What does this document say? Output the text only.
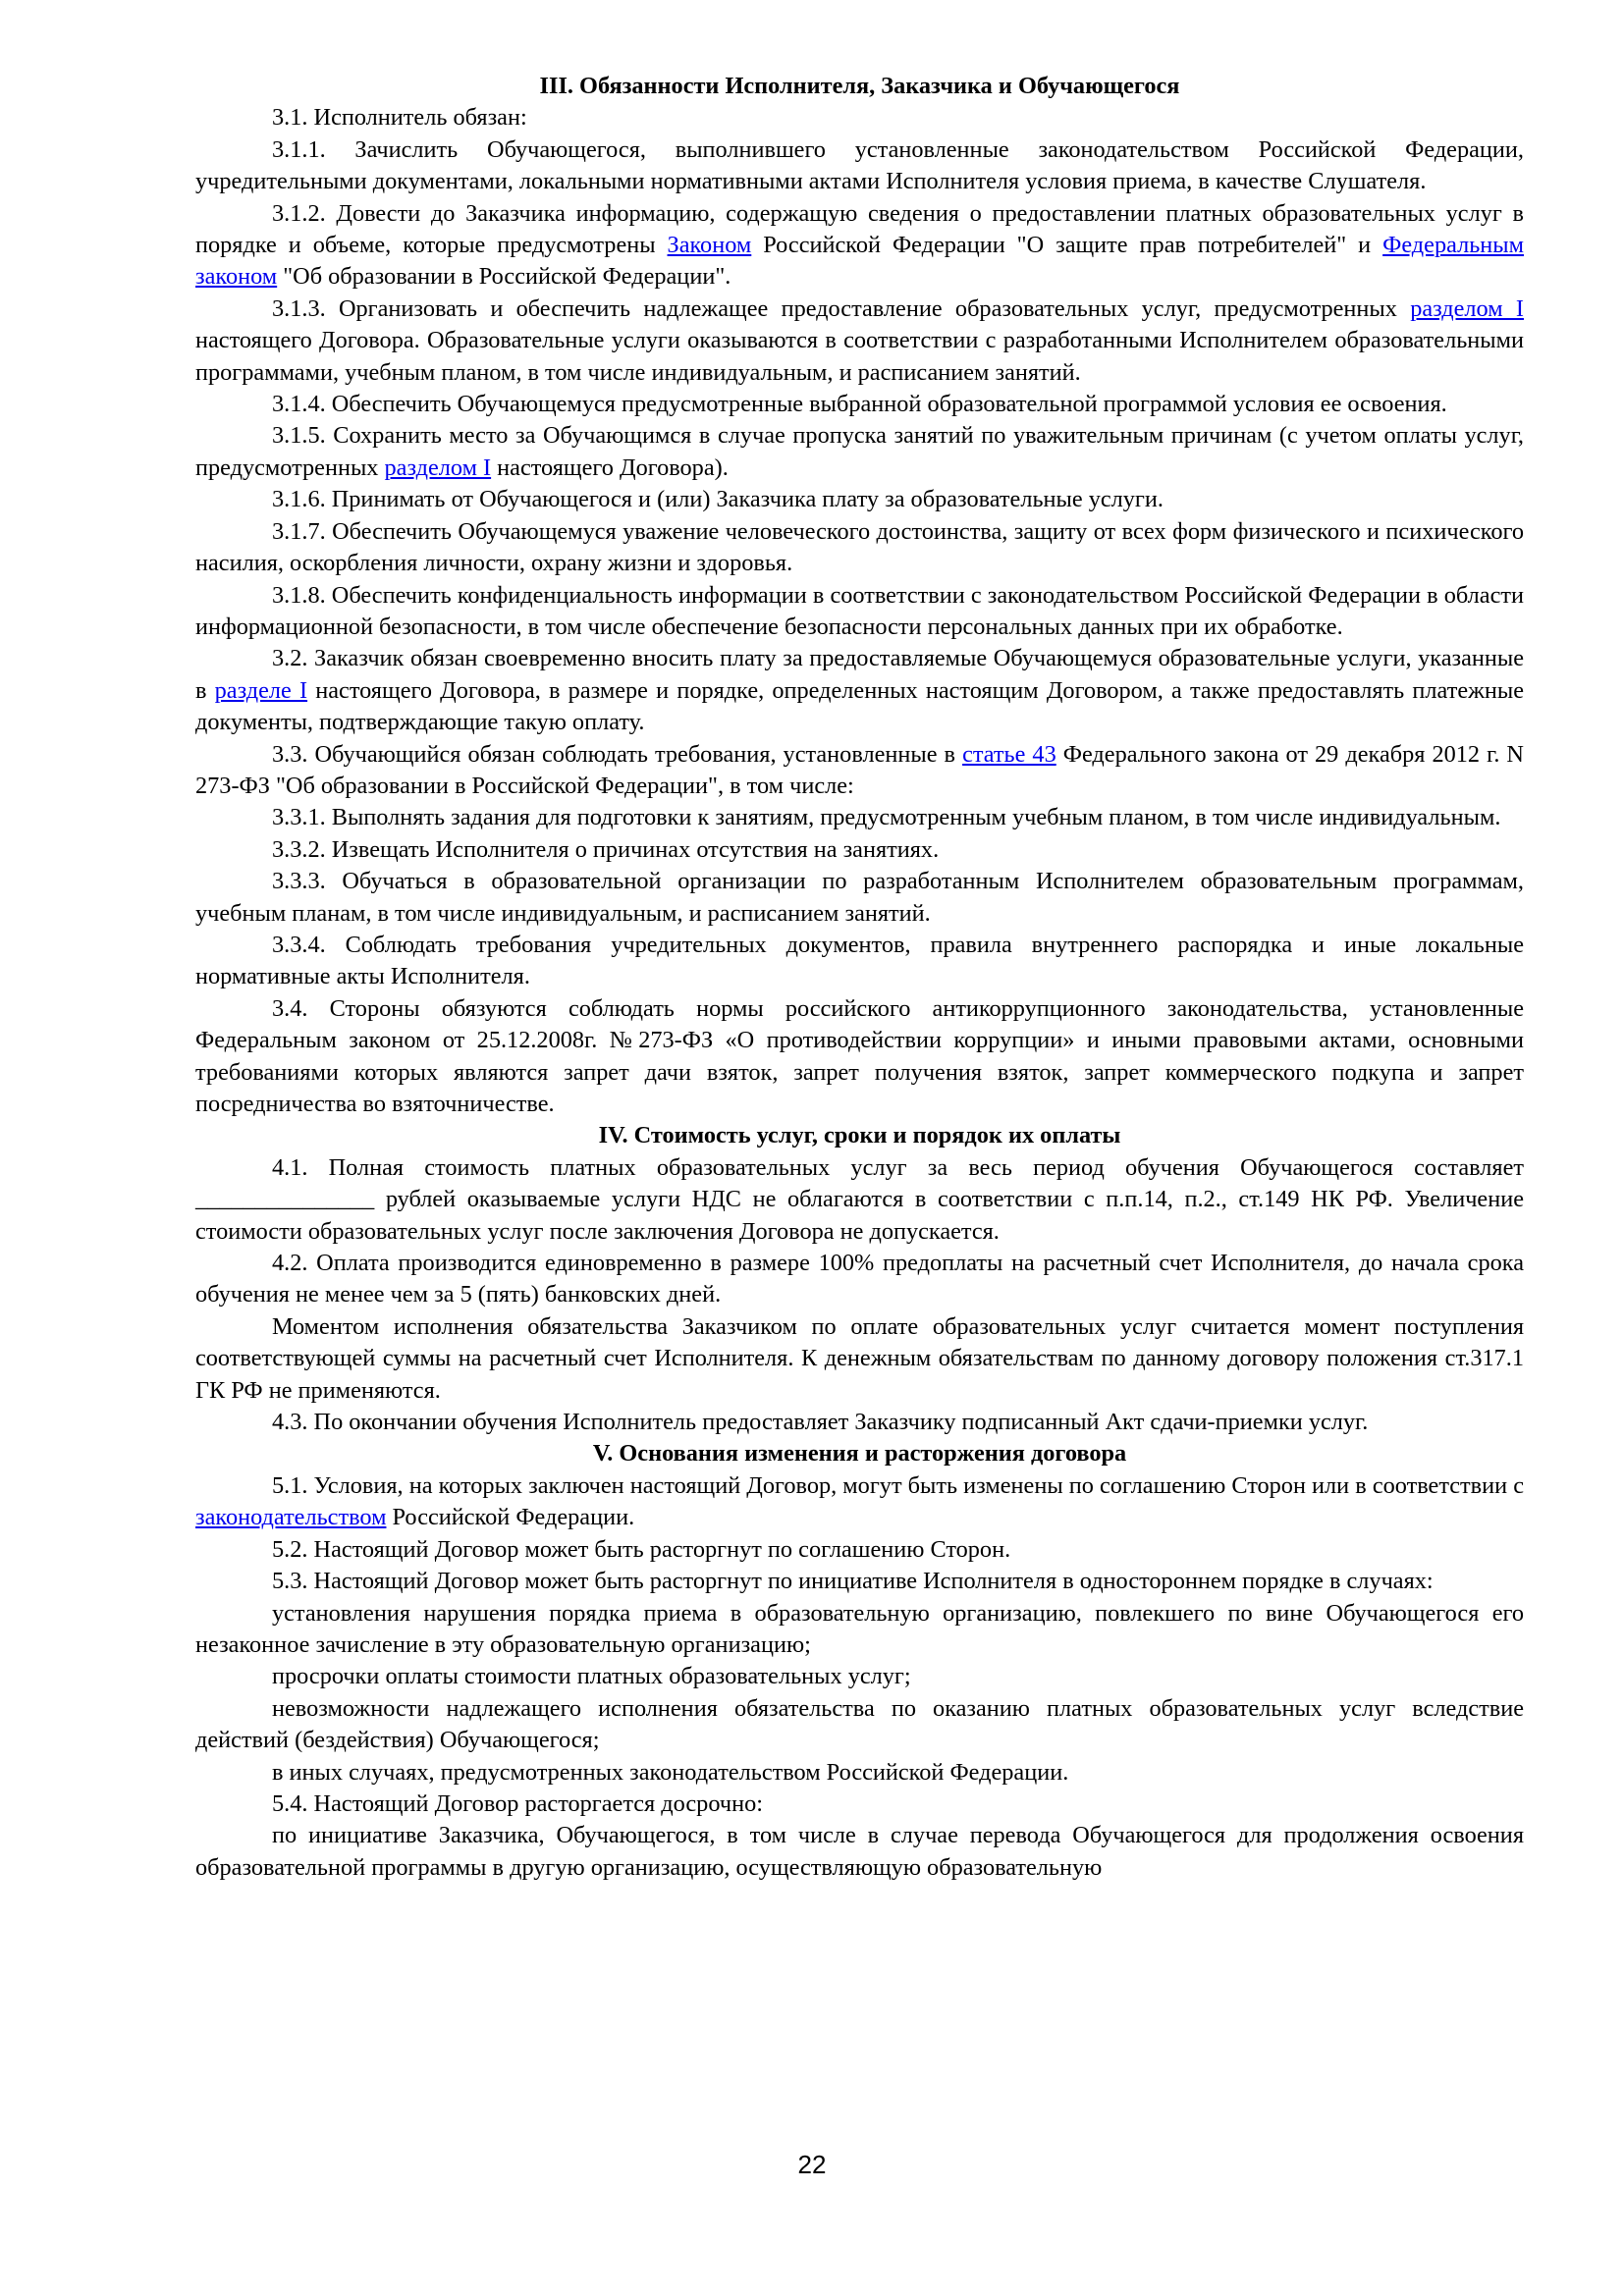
III. Обязанности Исполнителя, Заказчика и Обучающегося

3.1. Исполнитель обязан:

3.1.1. Зачислить Обучающегося, выполнившего установленные законодательством Российской Федерации, учредительными документами, локальными нормативными актами Исполнителя условия приема, в качестве Слушателя.

3.1.2. Довести до Заказчика информацию, содержащую сведения о предоставлении платных образовательных услуг в порядке и объеме, которые предусмотрены Законом Российской Федерации "О защите прав потребителей" и Федеральным законом "Об образовании в Российской Федерации".

3.1.3. Организовать и обеспечить надлежащее предоставление образовательных услуг, предусмотренных разделом I настоящего Договора. Образовательные услуги оказываются в соответствии с разработанными Исполнителем образовательными программами, учебным планом, в том числе индивидуальным, и расписанием занятий.

3.1.4. Обеспечить Обучающемуся предусмотренные выбранной образовательной программой условия ее освоения.

3.1.5. Сохранить место за Обучающимся в случае пропуска занятий по уважительным причинам (с учетом оплаты услуг, предусмотренных разделом I настоящего Договора).

3.1.6. Принимать от Обучающегося и (или) Заказчика плату за образовательные услуги.

3.1.7. Обеспечить Обучающемуся уважение человеческого достоинства, защиту от всех форм физического и психического насилия, оскорбления личности, охрану жизни и здоровья.

3.1.8. Обеспечить конфиденциальность информации в соответствии с законодательством Российской Федерации в области информационной безопасности, в том числе обеспечение безопасности персональных данных при их обработке.

3.2. Заказчик обязан своевременно вносить плату за предоставляемые Обучающемуся образовательные услуги, указанные в разделе I настоящего Договора, в размере и порядке, определенных настоящим Договором, а также предоставлять платежные документы, подтверждающие такую оплату.

3.3. Обучающийся обязан соблюдать требования, установленные в статье 43 Федерального закона от 29 декабря 2012 г. N 273-ФЗ "Об образовании в Российской Федерации", в том числе:

3.3.1. Выполнять задания для подготовки к занятиям, предусмотренным учебным планом, в том числе индивидуальным.

3.3.2. Извещать Исполнителя о причинах отсутствия на занятиях.

3.3.3. Обучаться в образовательной организации по разработанным Исполнителем образовательным программам, учебным планам, в том числе индивидуальным, и расписанием занятий.

3.3.4. Соблюдать требования учредительных документов, правила внутреннего распорядка и иные локальные нормативные акты Исполнителя.

3.4. Стороны обязуются соблюдать нормы российского антикоррупционного законодательства, установленные Федеральным законом от 25.12.2008г. №273-ФЗ «О противодействии коррупции» и иными правовыми актами, основными требованиями которых являются запрет дачи взяток, запрет получения взяток, запрет коммерческого подкупа и запрет посредничества во взяточничестве.

IV. Стоимость услуг, сроки и порядок их оплаты

4.1. Полная стоимость платных образовательных услуг за весь период обучения Обучающегося составляет _______________ рублей оказываемые услуги НДС не облагаются в соответствии с п.п.14, п.2., ст.149 НК РФ. Увеличение стоимости образовательных услуг после заключения Договора не допускается.

4.2. Оплата производится единовременно в размере 100% предоплаты на расчетный счет Исполнителя, до начала срока обучения не менее чем за 5 (пять) банковских дней.

Моментом исполнения обязательства Заказчиком по оплате образовательных услуг считается момент поступления соответствующей суммы на расчетный счет Исполнителя. К денежным обязательствам по данному договору положения ст.317.1 ГК РФ не применяются.

4.3. По окончании обучения Исполнитель предоставляет Заказчику подписанный Акт сдачи-приемки услуг.

V. Основания изменения и расторжения договора

5.1. Условия, на которых заключен настоящий Договор, могут быть изменены по соглашению Сторон или в соответствии с законодательством Российской Федерации.

5.2. Настоящий Договор может быть расторгнут по соглашению Сторон.

5.3. Настоящий Договор может быть расторгнут по инициативе Исполнителя в одностороннем порядке в случаях:

установления нарушения порядка приема в образовательную организацию, повлекшего по вине Обучающегося его незаконное зачисление в эту образовательную организацию;

просрочки оплаты стоимости платных образовательных услуг;

невозможности надлежащего исполнения обязательства по оказанию платных образовательных услуг вследствие действий (бездействия) Обучающегося;

в иных случаях, предусмотренных законодательством Российской Федерации.

5.4. Настоящий Договор расторгается досрочно:

по инициативе Заказчика, Обучающегося, в том числе в случае перевода Обучающегося для продолжения освоения образовательной программы в другую организацию, осуществляющую образовательную

22
